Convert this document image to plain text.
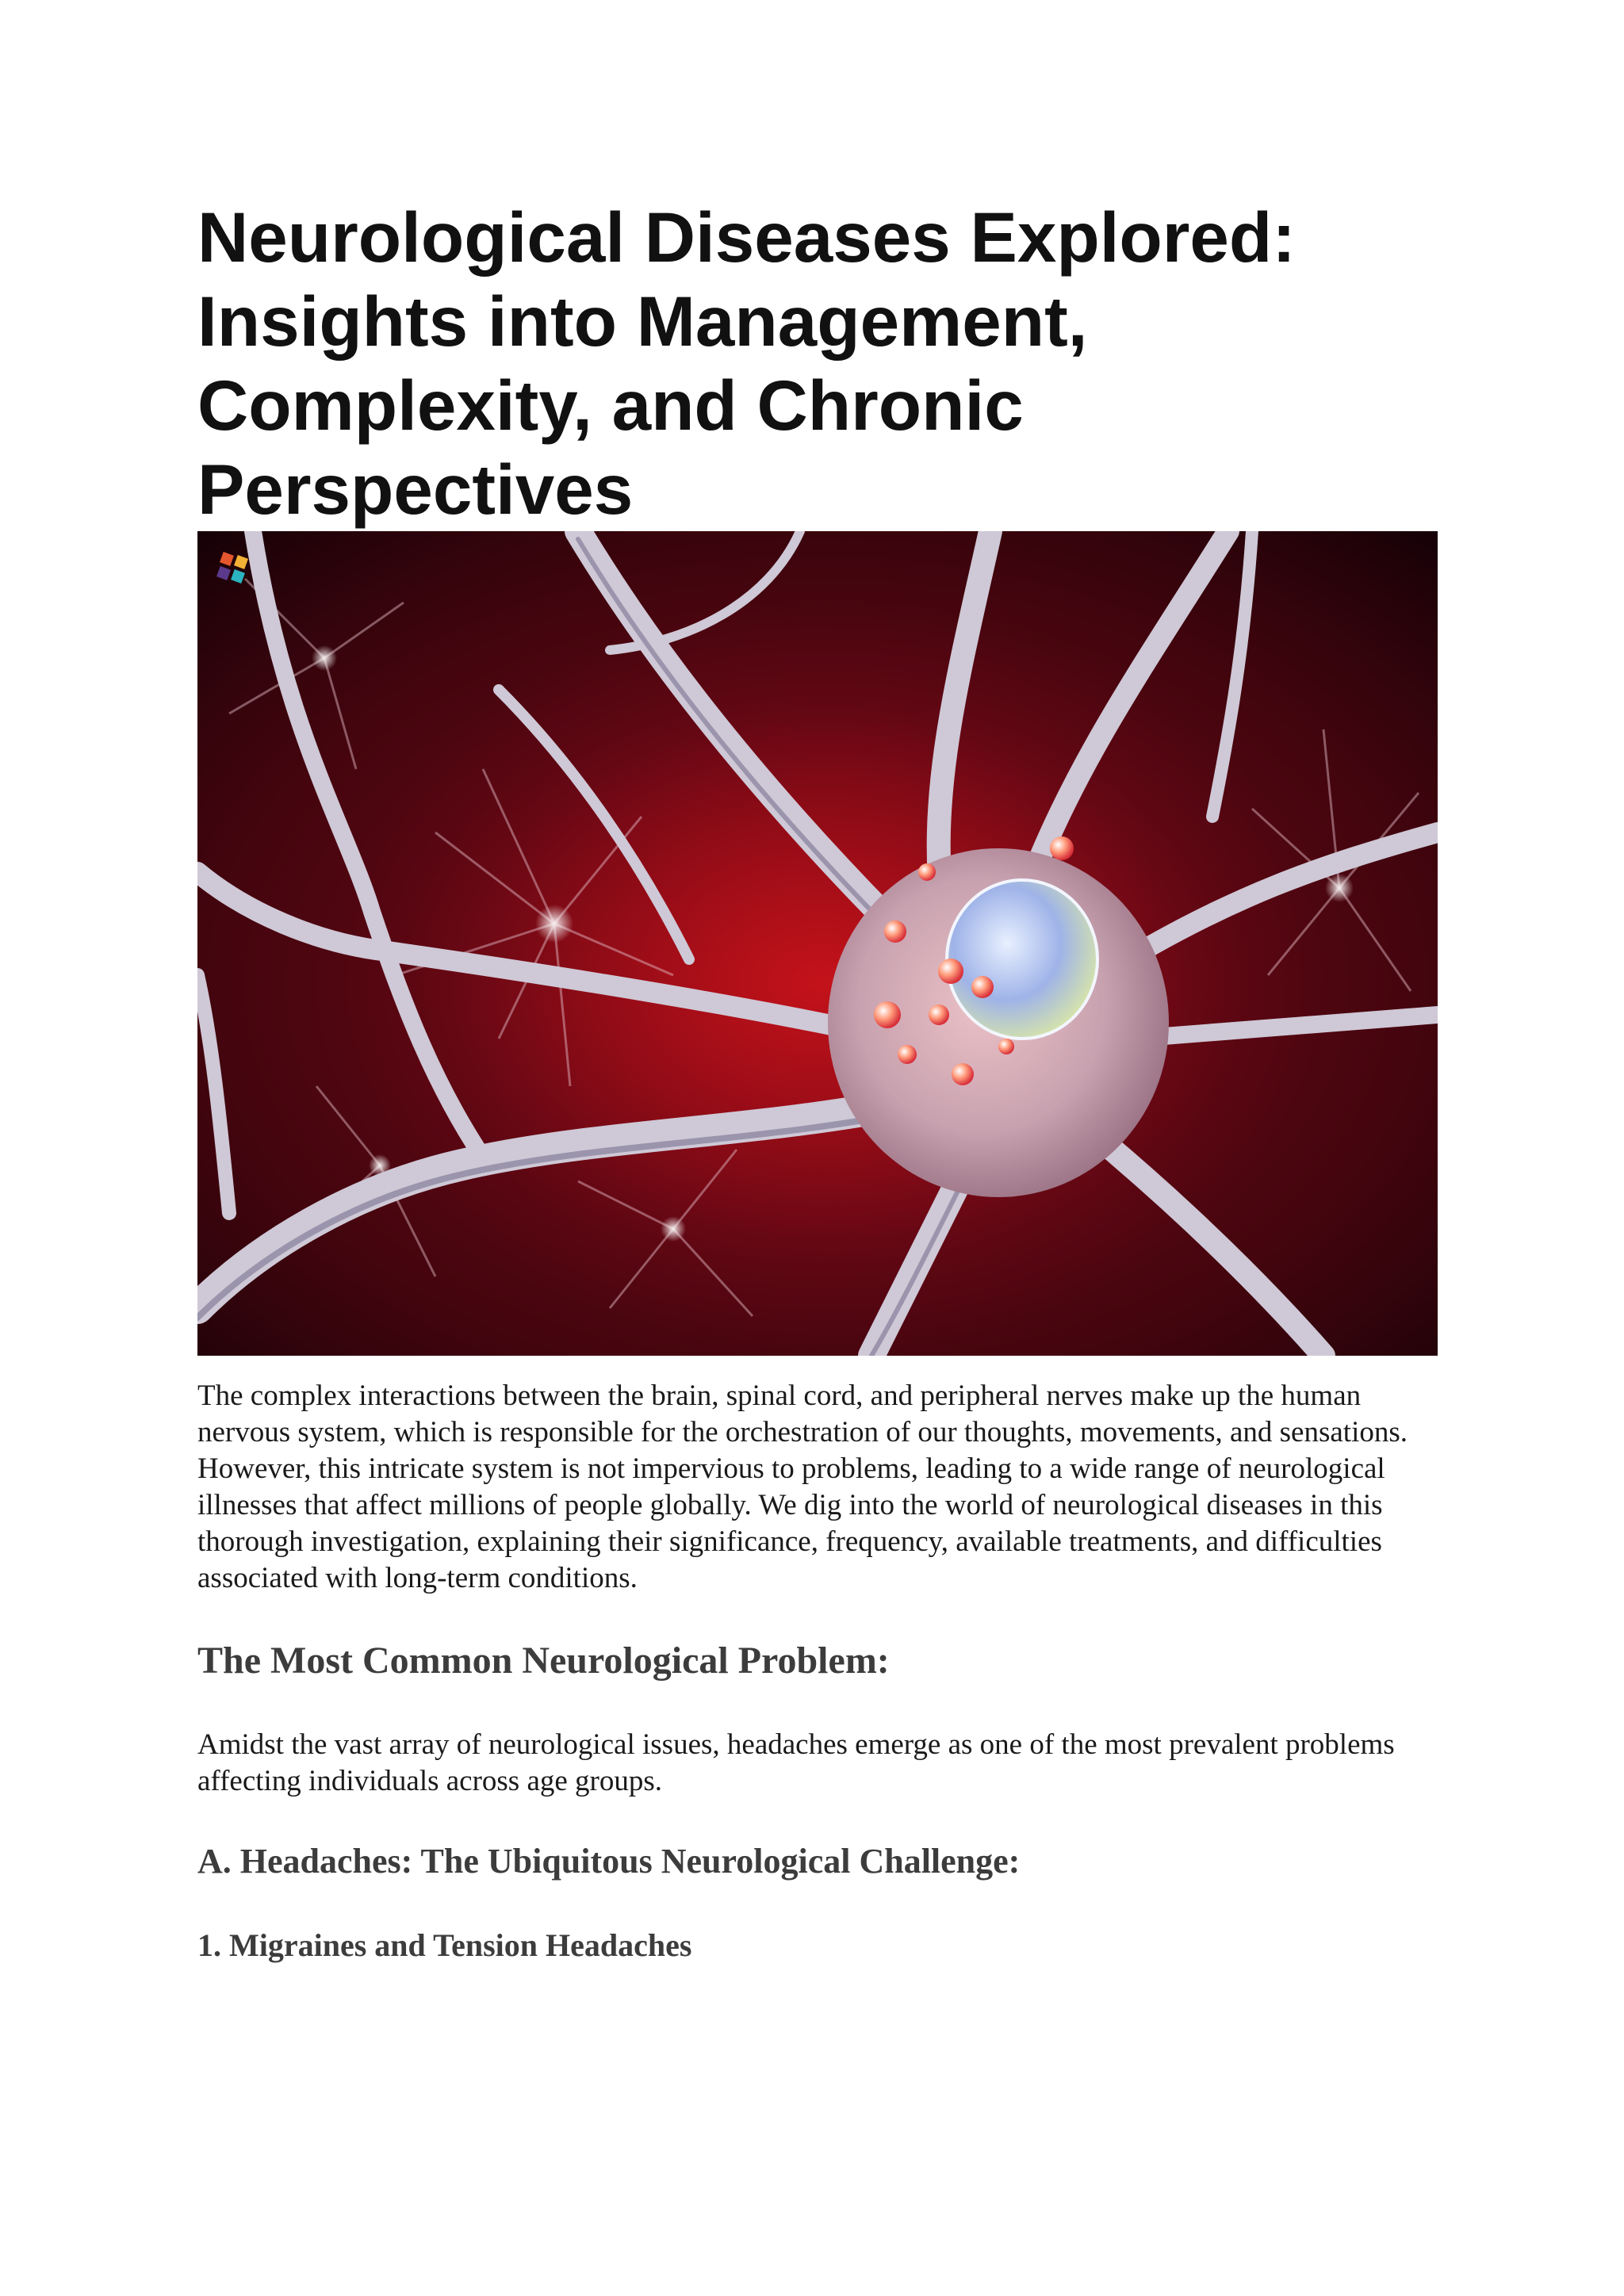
Neurological Diseases Explored: Insights into Management, Complexity, and Chronic Perspectives

The complex interactions between the brain, spinal cord, and peripheral nerves make up the human nervous system, which is responsible for the orchestration of our thoughts, movements, and sensations. However, this intricate system is not impervious to problems, leading to a wide range of neurological illnesses that affect millions of people globally. We dig into the world of neurological diseases in this thorough investigation, explaining their significance, frequency, available treatments, and difficulties associated with long-term conditions.

The Most Common Neurological Problem:

Amidst the vast array of neurological issues, headaches emerge as one of the most prevalent problems affecting individuals across age groups.

A. Headaches: The Ubiquitous Neurological Challenge:
1. Migraines and Tension Headaches
